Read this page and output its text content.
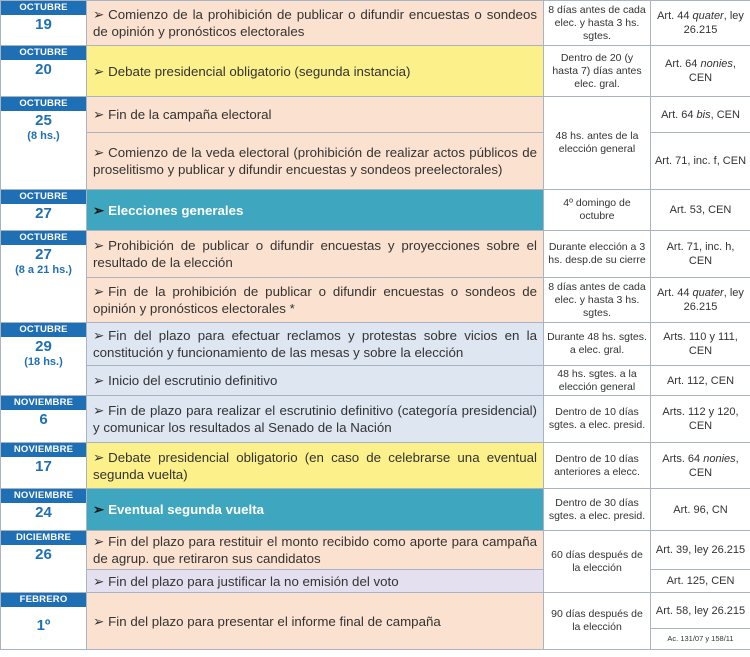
OCTUBRE
19	➢ Comienzo de la prohibición de publicar o difundir encuestas o sondeos de opinión y pronósticos electorales	8 días antes de cada elec. y hasta 3 hs. sgtes.	Art. 44 quater, ley 26.215

OCTUBRE
20	➢ Debate presidencial obligatorio (segunda instancia)	Dentro de 20 (y hasta 7) días antes elec. gral.	Art. 64 nonies, CEN

OCTUBRE
25
(8 hs.)	➢ Fin de la campaña electoral	48 hs. antes de la elección general	Art. 64 bis, CEN
	➢ Comienzo de la veda electoral (prohibición de realizar actos públicos de proselitismo y publicar y difundir encuestas y sondeos preelectorales)		Art. 71, inc. f, CEN

OCTUBRE
27	➢ Elecciones generales	4º domingo de octubre	Art. 53, CEN

OCTUBRE
27
(8 a 21 hs.)	➢ Prohibición de publicar o difundir encuestas y proyecciones sobre el resultado de la elección	Durante elección a 3 hs. desp.de su cierre	Art. 71, inc. h, CEN
	➢ Fin de la prohibición de publicar o difundir encuestas o sondeos de opinión y pronósticos electorales *	8 días antes de cada elec. y hasta 3 hs. sgtes.	Art. 44 quater, ley 26.215

OCTUBRE
29
(18 hs.)	➢ Fin del plazo para efectuar reclamos y protestas sobre vicios en la constitución y funcionamiento de las mesas y sobre la elección	Durante 48 hs. sgtes. a elec. gral.	Arts. 110 y 111, CEN
	➢ Inicio del escrutinio definitivo	48 hs. sgtes. a la elección general	Art. 112, CEN

NOVIEMBRE
6	➢ Fin de plazo para realizar el escrutinio definitivo (categoría presidencial) y comunicar los resultados al Senado de la Nación	Dentro de 10 días sgtes. a elec. presid.	Arts. 112 y 120, CEN

NOVIEMBRE
17	➢ Debate presidencial obligatorio (en caso de celebrarse una eventual segunda vuelta)	Dentro de 10 días anteriores a elecc.	Arts. 64 nonies, CEN

NOVIEMBRE
24	➢ Eventual segunda vuelta	Dentro de 30 días sgtes. a elec. presid.	Art. 96, CN

DICIEMBRE
26	➢ Fin del plazo para restituir el monto recibido como aporte para campaña de agrup. que retiraron sus candidatos	60 días después de la elección	Art. 39, ley 26.215
	➢ Fin del plazo para justificar la no emisión del voto		Art. 125, CEN

FEBRERO
1º	➢ Fin del plazo para presentar el informe final de campaña	90 días después de la elección	Art. 58, ley 26.215
			Ac. 131/07 y 158/11
